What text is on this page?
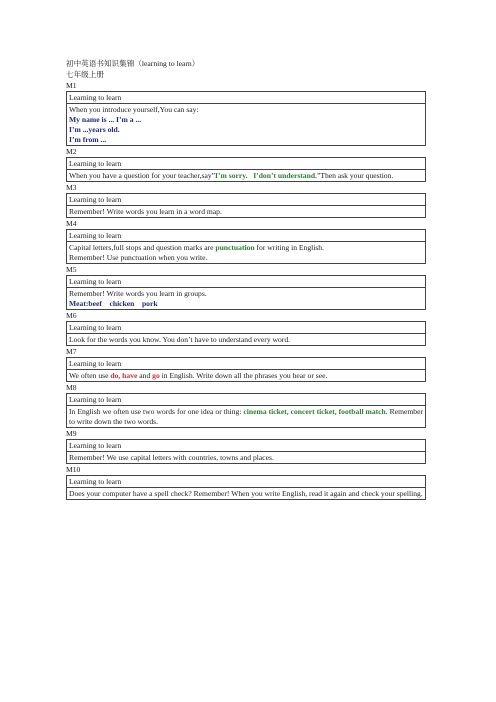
初中英语书知识集锦（learning to learn）
七年级上册
M1
Learning to learn
When you introduce yourself,You can say:
My name is ... I’m a ...
I’m ...years old.
I’m from ...
M2
Learning to learn
When you have a question for your teacher,say”I’m sorry. I’don’t understand.”Then ask your question.
M3
Learning to learn
Remember! Write words you learn in a word map.
M4
Learning to learn
Capital letters,full stops and question marks are punctuation for writing in English.
Remember! Use punctuation when you write.
M5
Learning to learn
Remember! Write words you learn in groups.
Meat:beef    chicken    pork
M6
Learning to learn
Look for the words you know. You don’t have to understand every word.
M7
Learning to learn
We often use do, have and go in English. Write down all the phrases you hear or see.
M8
Learning to learn
In English we often use two words for one idea or thing: cinema ticket, concert ticket, football match. Remember to write down the two words.
M9
Learning to learn
Remember! We use capital letters with countries, towns and places.
M10
Learning to learn
Does your computer have a spell check? Remember! When you write English, read it again and check your spelling.
